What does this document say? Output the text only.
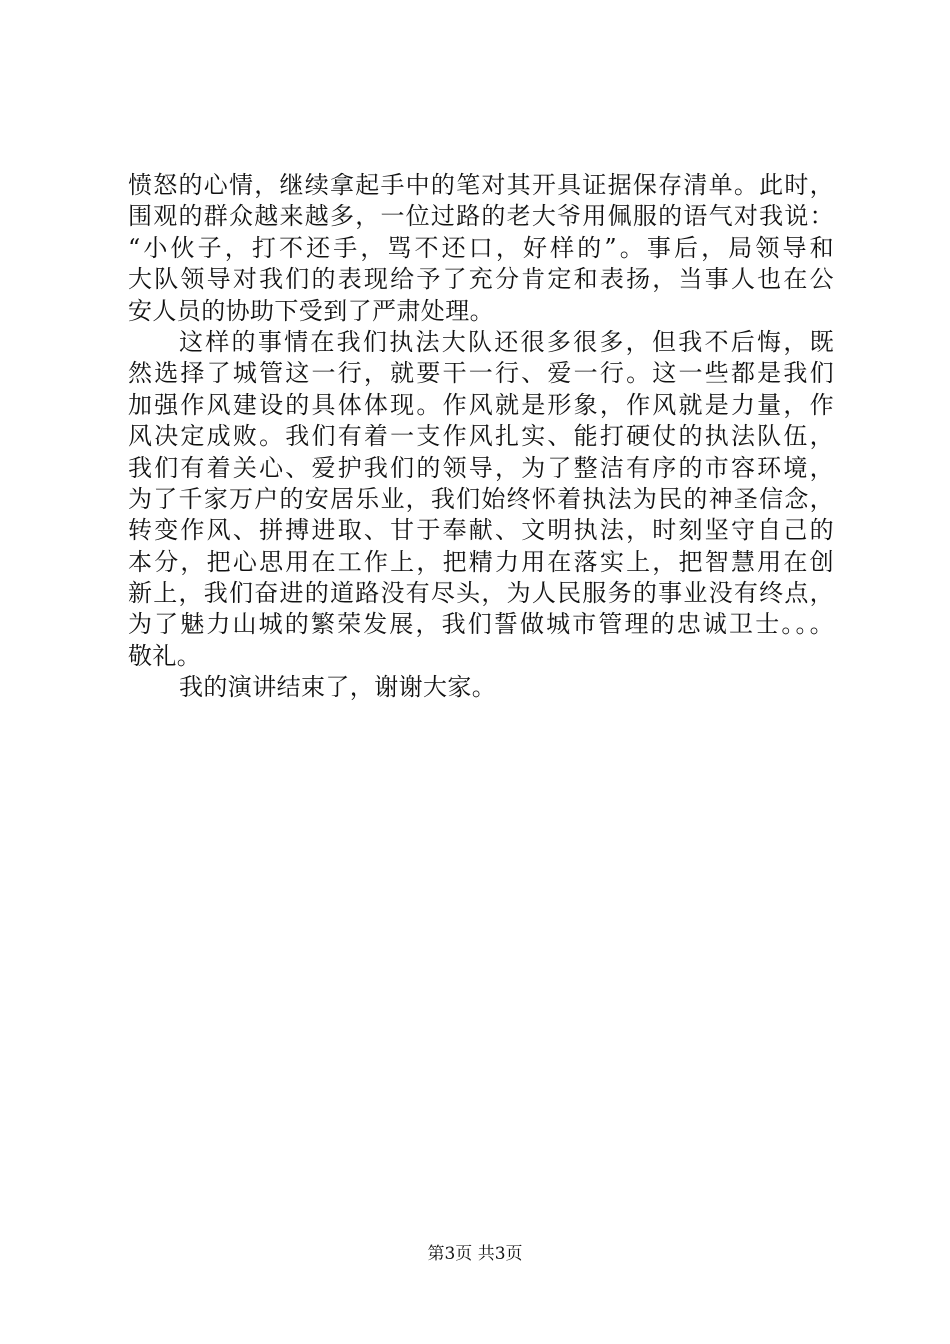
愤怒的心情，继续拿起手中的笔对其开具证据保存清单。此时，
围观的群众越来越多，一位过路的老大爷用佩服的语气对我说：
“小伙子，打不还手，骂不还口，好样的”。事后，局领导和
大队领导对我们的表现给予了充分肯定和表扬，当事人也在公
安人员的协助下受到了严肃处理。
这样的事情在我们执法大队还很多很多，但我不后悔，既
然选择了城管这一行，就要干一行、爱一行。这一些都是我们
加强作风建设的具体体现。作风就是形象，作风就是力量，作
风决定成败。我们有着一支作风扎实、能打硬仗的执法队伍，
我们有着关心、爱护我们的领导，为了整洁有序的市容环境，
为了千家万户的安居乐业，我们始终怀着执法为民的神圣信念，
转变作风、拼搏进取、甘于奉献、文明执法，时刻坚守自己的
本分，把心思用在工作上，把精力用在落实上，把智慧用在创
新上，我们奋进的道路没有尽头，为人民服务的事业没有终点，
为了魅力山城的繁荣发展，我们誓做城市管理的忠诚卫士。。。
敬礼。
我的演讲结束了，谢谢大家。
第3页 共3页
